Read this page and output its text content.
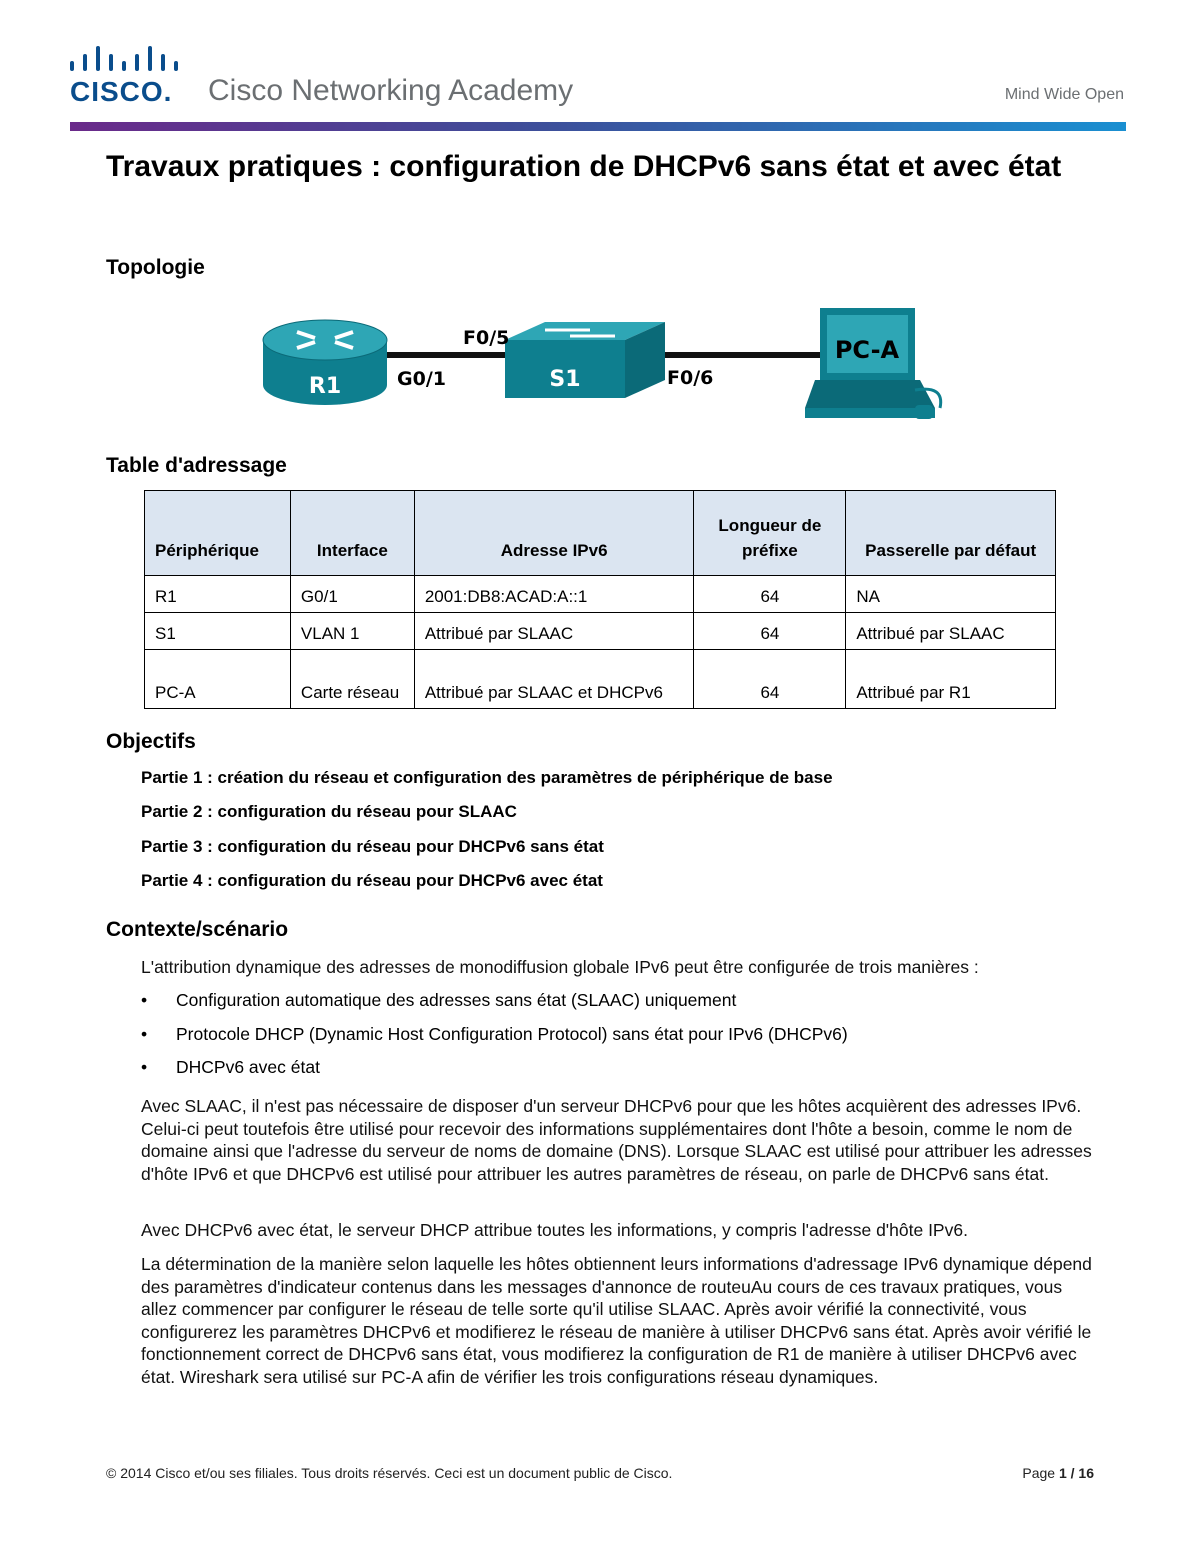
CISCO. Cisco Networking Academy	Mind Wide Open
Travaux pratiques : configuration de DHCPv6 sans état et avec état
Topologie
R1	S1
PC-A
G0/1
F0/5
F0/6
Table d'adressage
Périphérique	Interface	Adresse IPv6	Longueur de préfixe	Passerelle par défaut
R1	G0/1	2001:DB8:ACAD:A::1	64	NA
S1	VLAN 1	Attribué par SLAAC	64	Attribué par SLAAC
PC-A	Carte réseau	Attribué par SLAAC et DHCPv6	64	Attribué par R1
Objectifs
Partie 1 : création du réseau et configuration des paramètres de périphérique de base
Partie 2 : configuration du réseau pour SLAAC
Partie 3 : configuration du réseau pour DHCPv6 sans état
Partie 4 : configuration du réseau pour DHCPv6 avec état
Contexte/scénario
L'attribution dynamique des adresses de monodiffusion globale IPv6 peut être configurée de trois manières :
• Configuration automatique des adresses sans état (SLAAC) uniquement
• Protocole DHCP (Dynamic Host Configuration Protocol) sans état pour IPv6 (DHCPv6)
• DHCPv6 avec état
Avec SLAAC, il n'est pas nécessaire de disposer d'un serveur DHCPv6 pour que les hôtes acquièrent des adresses IPv6. Celui-ci peut toutefois être utilisé pour recevoir des informations supplémentaires dont l'hôte a besoin, comme le nom de domaine ainsi que l'adresse du serveur de noms de domaine (DNS). Lorsque SLAAC est utilisé pour attribuer les adresses d'hôte IPv6 et que DHCPv6 est utilisé pour attribuer les autres paramètres de réseau, on parle de DHCPv6 sans état.
Avec DHCPv6 avec état, le serveur DHCP attribue toutes les informations, y compris l'adresse d'hôte IPv6.
La détermination de la manière selon laquelle les hôtes obtiennent leurs informations d'adressage IPv6 dynamique dépend des paramètres d'indicateur contenus dans les messages d'annonce de routeuAu cours de ces travaux pratiques, vous allez commencer par configurer le réseau de telle sorte qu'il utilise SLAAC. Après avoir vérifié la connectivité, vous configurerez les paramètres DHCPv6 et modifierez le réseau de manière à utiliser DHCPv6 sans état. Après avoir vérifié le fonctionnement correct de DHCPv6 sans état, vous modifierez la configuration de R1 de manière à utiliser DHCPv6 avec état. Wireshark sera utilisé sur PC-A afin de vérifier les trois configurations réseau dynamiques.
© 2014 Cisco et/ou ses filiales. Tous droits réservés. Ceci est un document public de Cisco.	Page 1 / 16
